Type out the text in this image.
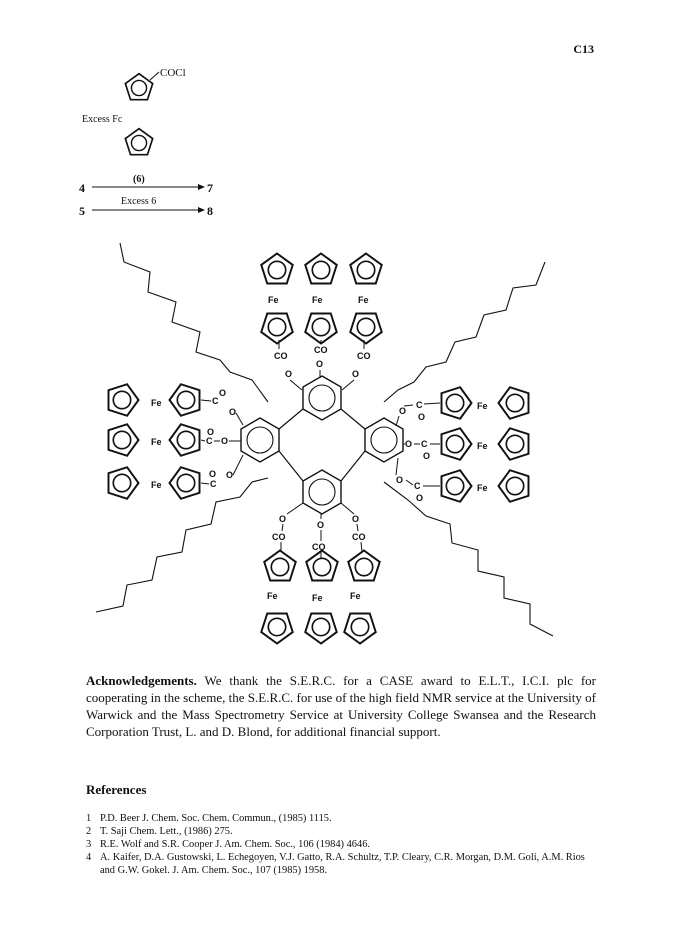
C13
COCl
Excess Fc
4
(6)
7
5
Excess 6
8
Fe	Fe	Fe
CO
CO
CO
O
O
O
Fe
Fe
Fe
C
O
O
C
O
O
C
O O
Fe
Fe
Fe
O
C
O
O C
O
O
C
O
O
O
O
CO
CO
CO
Fe	Fe	Fe
Acknowledgements. We thank the S.E.R.C. for a CASE award to E.L.T., I.C.I. plc for cooperating in the scheme, the S.E.R.C. for use of the high field NMR service at the University of Warwick and the Mass Spectrometry Service at University College Swansea and the Research Corporation Trust, L. and D. Blond, for additional financial support.
References
1 P.D. Beer J. Chem. Soc. Chem. Commun., (1985) 1115.
2 T. Saji Chem. Lett., (1986) 275.
3 R.E. Wolf and S.R. Cooper J. Am. Chem. Soc., 106 (1984) 4646.
4 A. Kaifer, D.A. Gustowski, L. Echegoyen, V.J. Gatto, R.A. Schultz, T.P. Cleary, C.R. Morgan, D.M. Goli, A.M. Rios and G.W. Gokel. J. Am. Chem. Soc., 107 (1985) 1958.
